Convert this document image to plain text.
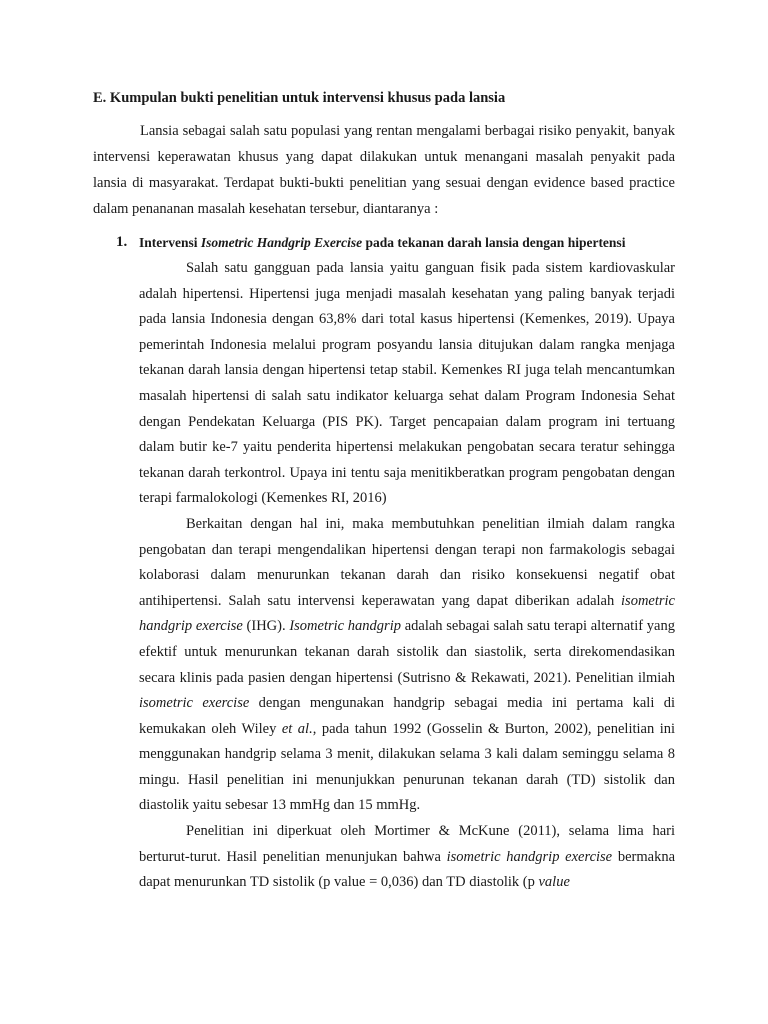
E. Kumpulan bukti penelitian untuk intervensi khusus pada lansia

Lansia sebagai salah satu populasi yang rentan mengalami berbagai risiko penyakit, banyak intervensi keperawatan khusus yang dapat dilakukan untuk menangani masalah penyakit pada lansia di masyarakat. Terdapat bukti-bukti penelitian yang sesuai dengan evidence based practice dalam penananan masalah kesehatan tersebur, diantaranya :

1. Intervensi Isometric Handgrip Exercise pada tekanan darah lansia dengan hipertensi

Salah satu gangguan pada lansia yaitu ganguan fisik pada sistem kardiovaskular adalah hipertensi. Hipertensi juga menjadi masalah kesehatan yang paling banyak terjadi pada lansia Indonesia dengan 63,8% dari total kasus hipertensi (Kemenkes, 2019). Upaya pemerintah Indonesia melalui program posyandu lansia ditujukan dalam rangka menjaga tekanan darah lansia dengan hipertensi tetap stabil. Kemenkes RI juga telah mencantumkan masalah hipertensi di salah satu indikator keluarga sehat dalam Program Indonesia Sehat dengan Pendekatan Keluarga (PIS PK). Target pencapaian dalam program ini tertuang dalam butir ke-7 yaitu penderita hipertensi melakukan pengobatan secara teratur sehingga tekanan darah terkontrol. Upaya ini tentu saja menitikberatkan program pengobatan dengan terapi farmalokologi (Kemenkes RI, 2016)

Berkaitan dengan hal ini, maka membutuhkan penelitian ilmiah dalam rangka pengobatan dan terapi mengendalikan hipertensi dengan terapi non farmakologis sebagai kolaborasi dalam menurunkan tekanan darah dan risiko konsekuensi negatif obat antihipertensi. Salah satu intervensi keperawatan yang dapat diberikan adalah isometric handgrip exercise (IHG). Isometric handgrip adalah sebagai salah satu terapi alternatif yang efektif untuk menurunkan tekanan darah sistolik dan siastolik, serta direkomendasikan secara klinis pada pasien dengan hipertensi (Sutrisno & Rekawati, 2021). Penelitian ilmiah isometric exercise dengan mengunakan handgrip sebagai media ini pertama kali di kemukakan oleh Wiley et al., pada tahun 1992 (Gosselin & Burton, 2002), penelitian ini menggunakan handgrip selama 3 menit, dilakukan selama 3 kali dalam seminggu selama 8 mingu. Hasil penelitian ini menunjukkan penurunan tekanan darah (TD) sistolik dan diastolik yaitu sebesar 13 mmHg dan 15 mmHg.

Penelitian ini diperkuat oleh Mortimer & McKune (2011), selama lima hari berturut-turut. Hasil penelitian menunjukan bahwa isometric handgrip exercise bermakna dapat menurunkan TD sistolik (p value = 0,036) dan TD diastolik (p value
